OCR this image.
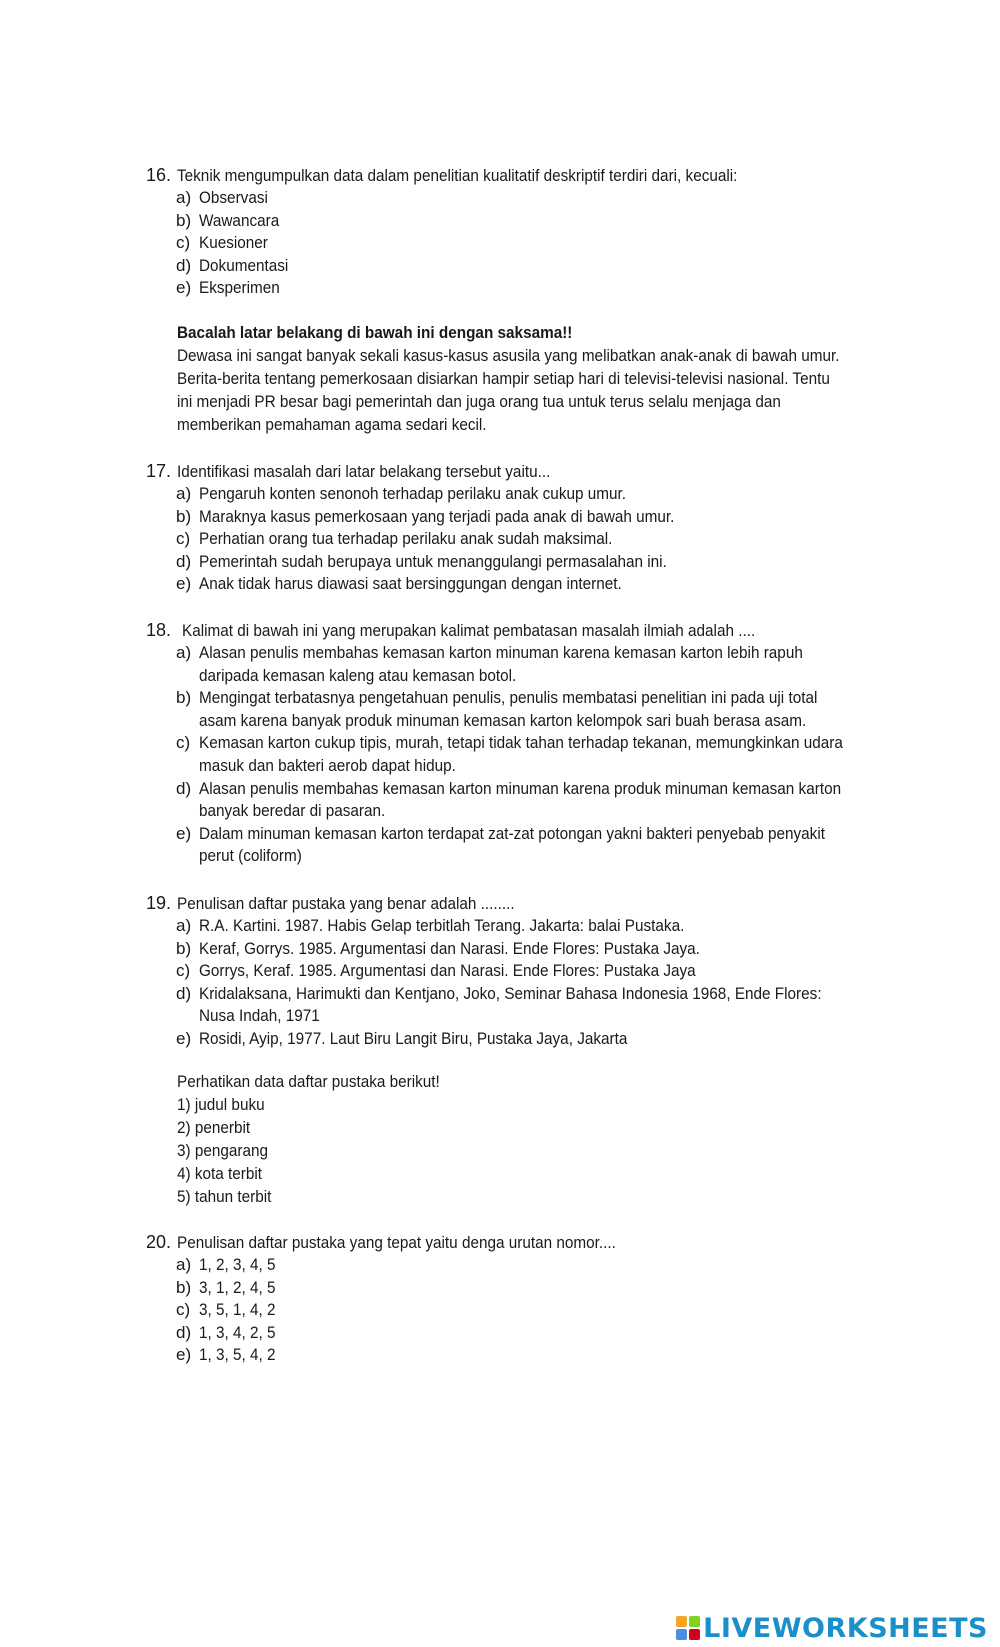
16. Teknik mengumpulkan data dalam penelitian kualitatif deskriptif terdiri dari, kecuali:
a) Observasi
b) Wawancara
c) Kuesioner
d) Dokumentasi
e) Eksperimen
Bacalah latar belakang di bawah ini dengan saksama!!
Dewasa ini sangat banyak sekali kasus-kasus asusila yang melibatkan anak-anak di bawah umur.
Berita-berita tentang pemerkosaan disiarkan hampir setiap hari di televisi-televisi nasional. Tentu
ini menjadi PR besar bagi pemerintah dan juga orang tua untuk terus selalu menjaga dan
memberikan pemahaman agama sedari kecil.
17. Identifikasi masalah dari latar belakang tersebut yaitu...
a) Pengaruh konten senonoh terhadap perilaku anak cukup umur.
b) Maraknya kasus pemerkosaan yang terjadi pada anak di bawah umur.
c) Perhatian orang tua terhadap perilaku anak sudah maksimal.
d) Pemerintah sudah berupaya untuk menanggulangi permasalahan ini.
e) Anak tidak harus diawasi saat bersinggungan dengan internet.
18. Kalimat di bawah ini yang merupakan kalimat pembatasan masalah ilmiah adalah ....
a) Alasan penulis membahas kemasan karton minuman karena kemasan karton lebih rapuh
daripada kemasan kaleng atau kemasan botol.
b) Mengingat terbatasnya pengetahuan penulis, penulis membatasi penelitian ini pada uji total
asam karena banyak produk minuman kemasan karton kelompok sari buah berasa asam.
c) Kemasan karton cukup tipis, murah, tetapi tidak tahan terhadap tekanan, memungkinkan udara
masuk dan bakteri aerob dapat hidup.
d) Alasan penulis membahas kemasan karton minuman karena produk minuman kemasan karton
banyak beredar di pasaran.
e) Dalam minuman kemasan karton terdapat zat-zat potongan yakni bakteri penyebab penyakit
perut (coliform)
19. Penulisan daftar pustaka yang benar adalah ........
a) R.A. Kartini. 1987. Habis Gelap terbitlah Terang. Jakarta: balai Pustaka.
b) Keraf, Gorrys. 1985. Argumentasi dan Narasi. Ende Flores: Pustaka Jaya.
c) Gorrys, Keraf. 1985. Argumentasi dan Narasi. Ende Flores: Pustaka Jaya
d) Kridalaksana, Harimukti dan Kentjano, Joko, Seminar Bahasa Indonesia 1968, Ende Flores:
Nusa Indah, 1971
e) Rosidi, Ayip, 1977. Laut Biru Langit Biru, Pustaka Jaya, Jakarta
Perhatikan data daftar pustaka berikut!
1) judul buku
2) penerbit
3) pengarang
4) kota terbit
5) tahun terbit
20. Penulisan daftar pustaka yang tepat yaitu denga urutan nomor....
a) 1, 2, 3, 4, 5
b) 3, 1, 2, 4, 5
c) 3, 5, 1, 4, 2
d) 1, 3, 4, 2, 5
e) 1, 3, 5, 4, 2
LIVEWORKSHEETS
